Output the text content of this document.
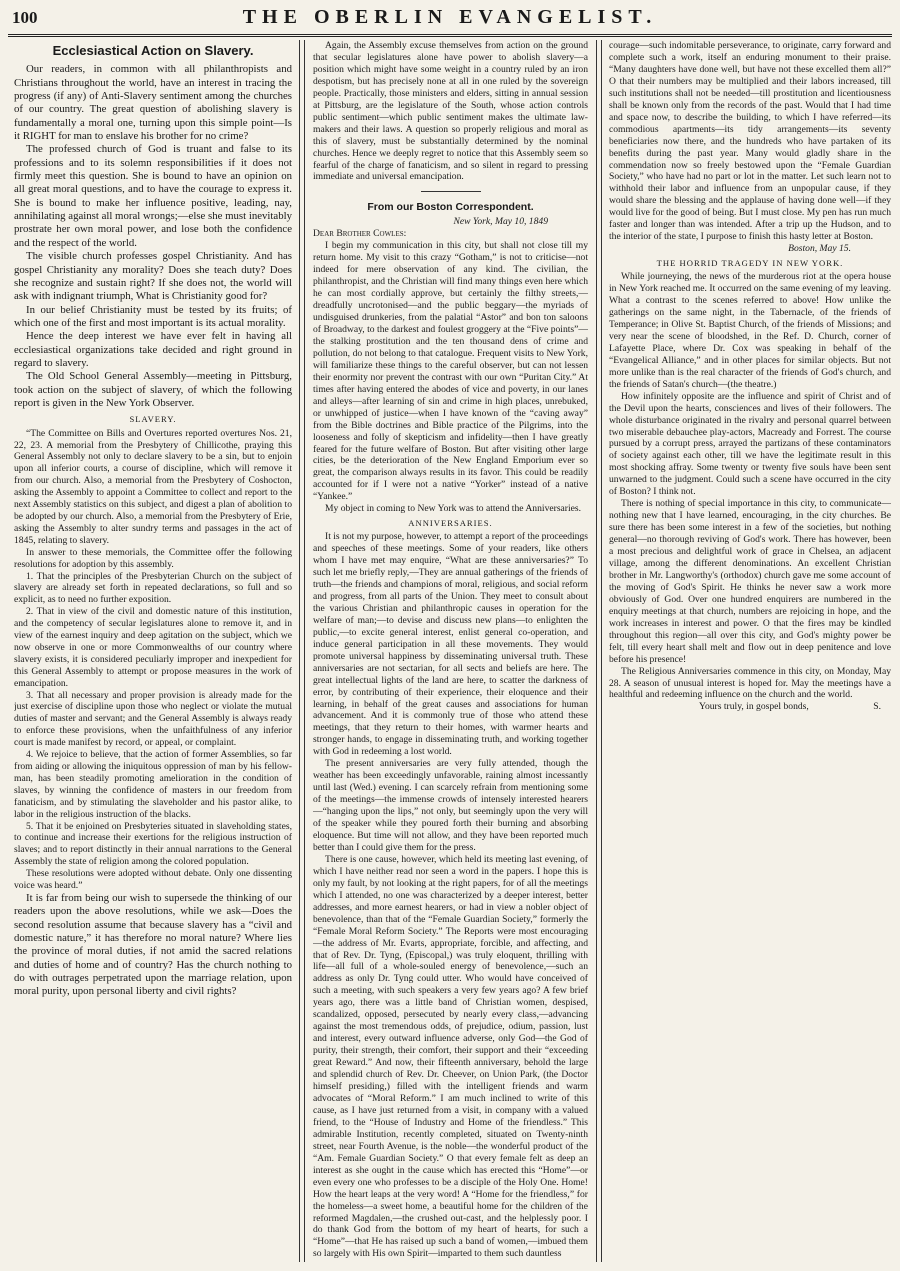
100	THE OBERLIN EVANGELIST.
Ecclesiastical Action on Slavery.

Our readers, in common with all philanthropists and Christians throughout the world, have an interest in tracing the progress (if any) of Anti-Slavery sentiment among the churches of our country. The great question of abolishing slavery is fundamentally a moral one, turning upon this simple point—Is it RIGHT for man to enslave his brother for no crime?

The professed church of God is truant and false to its professions and to its solemn responsibilities if it does not firmly meet this question. She is bound to have an opinion on all great moral questions, and to have the courage to express it. She is bound to make her influence positive, leading, nay, annihilating against all moral wrongs;—else she must inevitably prostrate her own moral power, and lose both the confidence and the respect of the world.

The visible church professes gospel Christianity. And has gospel Christianity any morality? Does she teach duty? Does she recognize and sustain right? If she does not, the world will ask with indignant triumph, What is Christianity good for?

In our belief Christianity must be tested by its fruits; of which one of the first and most important is its actual morality.

Hence the deep interest we have ever felt in having all ecclesiastical organizations take decided and right ground in regard to slavery.

The Old School General Assembly—meeting in Pittsburg, took action on the subject of slavery, of which the following report is given in the New York Observer.

SLAVERY.

“The Committee on Bills and Overtures reported overtures Nos. 21, 22, 23. A memorial from the Presbytery of Chillicothe, praying this General Assembly not only to declare slavery to be a sin, but to enjoin upon all inferior courts, a course of discipline, which will remove it from our church. Also, a memorial from the Presbytery of Coshocton, asking the Assembly to appoint a Committee to collect and report to the next Assembly statistics on this subject, and digest a plan of abolition to be adopted by our church. Also, a memorial from the Presbytery of Erie, asking the Assembly to alter sundry terms and passages in the act of 1845, relating to slavery.

In answer to these memorials, the Committee offer the following resolutions for adoption by this assembly.

1. That the principles of the Presbyterian Church on the subject of slavery are already set forth in repeated declarations, so full and so explicit, as to need no further exposition.

2. That in view of the civil and domestic nature of this institution, and the competency of secular legislatures alone to remove it, and in view of the earnest inquiry and deep agitation on the subject, which we now observe in one or more Commonwealths of our country where slavery exists, it is considered peculiarly improper and inexpedient for this General Assembly to attempt or propose measures in the work of emancipation.

3. That all necessary and proper provision is already made for the just exercise of discipline upon those who neglect or violate the mutual duties of master and servant; and the General Assembly is always ready to enforce these provisions, when the unfaithfulness of any inferior court is made manifest by record, or appeal, or complaint.

4. We rejoice to believe, that the action of former Assemblies, so far from aiding or allowing the iniquitous oppression of man by his fellow-man, has been steadily promoting amelioration in the condition of slaves, by winning the confidence of masters in our freedom from fanaticism, and by stimulating the slaveholder and his pastor alike, to labor in the religious instruction of the blacks.

5. That it be enjoined on Presbyteries situated in slaveholding states, to continue and increase their exertions for the religious instruction of slaves; and to report distinctly in their annual narrations to the General Assembly the state of religion among the colored population.

These resolutions were adopted without debate. Only one dissenting voice was heard.”

It is far from being our wish to supersede the thinking of our readers upon the above resolutions, while we ask—Does the second resolution assume that because slavery has a “civil and domestic nature,” it has therefore no moral nature? Where lies the province of moral duties, if not amid the sacred relations and duties of home and of country? Has the church nothing to do with outrages perpetrated upon the marriage relation, upon moral purity, upon personal liberty and civil rights?

Again, the Assembly excuse themselves from action on the ground that secular legislatures alone have power to abolish slavery—a position which might have some weight in a country ruled by an iron despotism, but has precisely none at all in one ruled by the sovereign people. Practically, those ministers and elders, sitting in annual session at Pittsburg, are the legislature of the South, whose action controls public sentiment—which public sentiment makes the ultimate law-makers and their laws. A question so properly religious and moral as this of slavery, must be substantially determined by the nominal churches. Hence we deeply regret to notice that this Assembly seem so fearful of the charge of fanaticism, and so silent in regard to pressing immediate and universal emancipation.

From our Boston Correspondent.
New York, May 10, 1849

Dear Brother Cowles:

I begin my communication in this city, but shall not close till my return home. My visit to this crazy “Gotham,” is not to criticise—not indeed for mere observation of any kind. The civilian, the philanthropist, and the Christian will find many things even here which he can most cordially approve, but certainly the filthy streets,—dreadfully uncrotonised—and the public beggary—the myriads of undisguised drunkeries, from the palatial “Astor” and bon ton saloons of Broadway, to the darkest and foulest groggery at the “Five points”—the stalking prostitution and the ten thousand dens of crime and pollution, do not belong to that catalogue. Frequent visits to New York, will familiarize these things to the careful observer, but can not lessen their enormity nor prevent the contrast with our own “Puritan City.” At times after having entered the abodes of vice and poverty, in our lanes and alleys—after learning of sin and crime in high places, unrebuked, or unwhipped of justice—when I have known of the “caving away” from the Bible doctrines and Bible practice of the Pilgrims, into the looseness and folly of skepticism and infidelity—then I have greatly feared for the future welfare of Boston. But after visiting other large cities, be the deterioration of the New England Emporium ever so great, the comparison always results in its favor. This could be readily accounted for if I were not a native “Yorker” instead of a native “Yankee.”

My object in coming to New York was to attend the Anniversaries.

ANNIVERSARIES.

It is not my purpose, however, to attempt a report of the proceedings and speeches of these meetings. Some of your readers, like others whom I have met may enquire, “What are these anniversaries?” To such let me briefly reply,—They are annual gatherings of the friends of truth—the friends and champions of moral, religious, and social reform and progress, from all parts of the Union. They meet to consult about the various Christian and philanthropic causes in operation for the welfare of man;—to devise and discuss new plans—to enlighten the public,—to excite general interest, enlist general co-operation, and induce general participation in all these movements. They would promote universal happiness by disseminating universal truth. These anniversaries are not sectarian, for all sects and beliefs are here. The great intellectual lights of the land are here, to scatter the darkness of error, by contributing of their experience, their eloquence and their learning, in behalf of the great causes and associations for human advancement. And it is commonly true of those who attend these meetings, that they return to their homes, with warmer hearts and stronger hands, to engage in disseminating truth, and working together with God in redeeming a lost world.

The present anniversaries are very fully attended, though the weather has been exceedingly unfavorable, raining almost incessantly until last (Wed.) evening. I can scarcely refrain from mentioning some of the meetings—the immense crowds of intensely interested hearers—“hanging upon the lips,” not only, but seemingly upon the very will of the speaker while they poured forth their burning and absorbing eloquence. But time will not allow, and they have been reported much better than I could give them for the press.

There is one cause, however, which held its meeting last evening, of which I have neither read nor seen a word in the papers. I hope this is only my fault, by not looking at the right papers, for of all the meetings which I attended, no one was characterized by a deeper interest, better addresses, and more earnest hearers, or had in view a nobler object of benevolence, than that of the “Female Guardian Society,” formerly the “Female Moral Reform Society.” The Reports were most encouraging—the address of Mr. Evarts, appropriate, forcible, and affecting, and that of Rev. Dr. Tyng, (Episcopal,) was truly eloquent, thrilling with life—all full of a whole-souled energy of benevolence,—such an address as only Dr. Tyng could utter. Who would have conceived of such a meeting, with such speakers a very few years ago? A few brief years ago, there was a little band of Christian women, despised, scandalized, opposed, persecuted by nearly every class,—advancing against the most tremendous odds, of prejudice, odium, passion, lust and interest, every outward influence adverse, only God—the God of purity, their strength, their comfort, their support and their “exceeding great Reward.” And now, their fifteenth anniversary, behold the large and splendid church of Rev. Dr. Cheever, on Union Park, (the Doctor himself presiding,) filled with the intelligent friends and warm advocates of “Moral Reform.” I am much inclined to write of this cause, as I have just returned from a visit, in company with a valued friend, to the “House of Industry and Home of the friendless.” This admirable Institution, recently completed, situated on Twenty-ninth street, near Fourth Avenue, is the noble—the wonderful product of the “Am. Female Guardian Society.” O that every female felt as deep an interest as she ought in the cause which has erected this “Home”—or even every one who professes to be a disciple of the Holy One. Home! How the heart leaps at the very word! A “Home for the friendless,” for the homeless—a sweet home, a beautiful home for the children of the reformed Magdalen,—the crushed out-cast, and the helplessly poor. I do thank God from the bottom of my heart of hearts, for such a “Home”—that He has raised up such a band of women,—imbued them so largely with His own Spirit—imparted to them such dauntless

courage—such indomitable perseverance, to originate, carry forward and complete such a work, itself an enduring monument to their praise. “Many daughters have done well, but have not these excelled them all?” O that their numbers may be multiplied and their labors increased, till such institutions shall not be needed—till prostitution and licentiousness shall be known only from the records of the past. Would that I had time and space now, to describe the building, to which I have referred—its commodious apartments—its tidy arrangements—its seventy beneficiaries now there, and the hundreds who have partaken of its benefits during the past year. Many would gladly share in the commendation now so freely bestowed upon the “Female Guardian Society,” who have had no part or lot in the matter. Let such learn not to withhold their labor and influence from an unpopular cause, if they would share the blessing and the applause of having done well—if they would live for the good of being. But I must close. My pen has run much faster and longer than was intended. After a trip up the Hudson, and to the interior of the state, I purpose to finish this hasty letter at Boston.

Boston, May 15.
THE HORRID TRAGEDY IN NEW YORK.

While journeying, the news of the murderous riot at the opera house in New York reached me. It occurred on the same evening of my leaving. What a contrast to the scenes referred to above! How unlike the gatherings on the same night, in the Tabernacle, of the friends of Temperance; in Olive St. Baptist Church, of the friends of Missions; and very near the scene of bloodshed, in the Ref. D. Church, corner of Lafayette Place, where Dr. Cox was speaking in behalf of the “Evangelical Alliance,” and in other places for similar objects. But not more unlike than is the real character of the friends of God's church, and the friends of Satan's church—(the theatre.)

How infinitely opposite are the influence and spirit of Christ and of the Devil upon the hearts, consciences and lives of their followers. The whole disturbance originated in the rivalry and personal quarrel between two miserable debauchee play-actors, Macready and Forrest. The course pursued by a corrupt press, arrayed the partizans of these contaminators of society against each other, till we have the legitimate result in this most shocking affray. Some twenty or twenty five souls have been sent unwarned to the judgment. Could such a scene have occurred in the city of Boston? I think not.

There is nothing of special importance in this city, to communicate—nothing new that I have learned, encouraging, in the city churches. Be sure there has been some interest in a few of the societies, but nothing general—no thorough reviving of God's work. There has however, been a most precious and delightful work of grace in Chelsea, an adjacent village, among the different denominations. An excellent Christian brother in Mr. Langworthy's (orthodox) church gave me some account of the moving of God's Spirit. He thinks he never saw a work more obviously of God. Over one hundred enquirers are numbered in the enquiry meetings at that church, numbers are rejoicing in hope, and the work increases in interest and power. O that the fires may be kindled throughout this region—all over this city, and God's mighty power be felt, till every heart shall melt and flow out in deep penitence and love before his presence!

The Religious Anniversaries commence in this city, on Monday, May 28. A season of unusual interest is hoped for. May the meetings have a healthful and redeeming influence on the church and the world.

Yours truly, in gospel bonds,	S.
